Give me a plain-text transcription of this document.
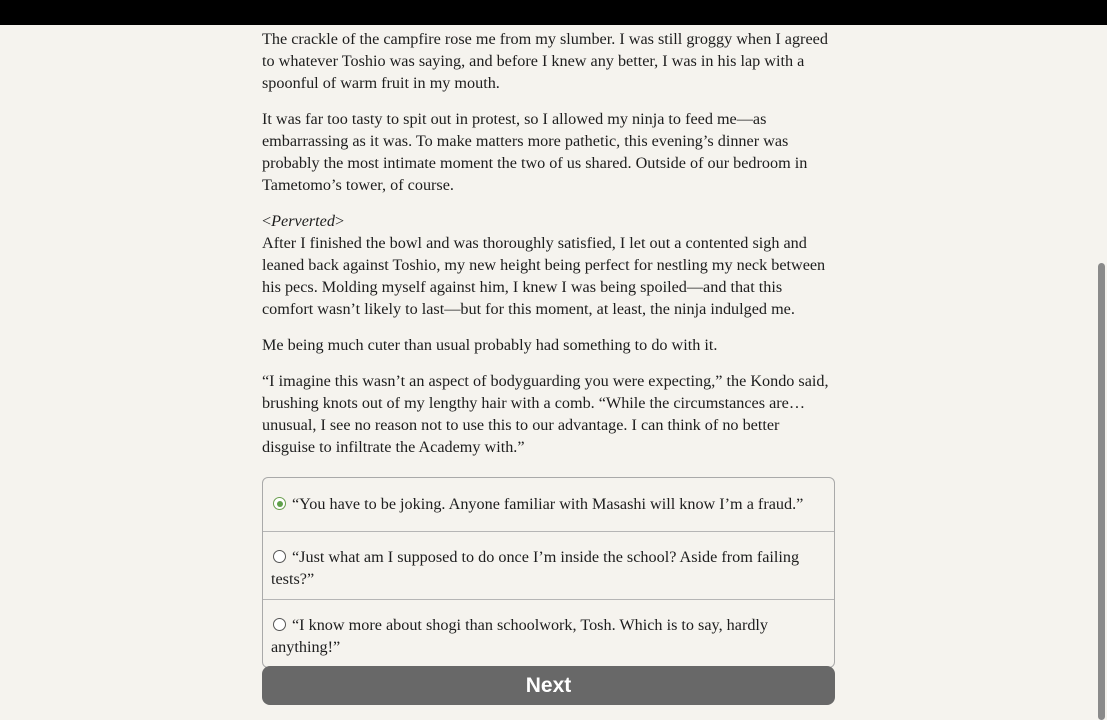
The crackle of the campfire rose me from my slumber. I was still groggy when I agreed to whatever Toshio was saying, and before I knew any better, I was in his lap with a spoonful of warm fruit in my mouth.

It was far too tasty to spit out in protest, so I allowed my ninja to feed me—as embarrassing as it was. To make matters more pathetic, this evening’s dinner was probably the most intimate moment the two of us shared. Outside of our bedroom in Tametomo’s tower, of course.

<Perverted>

After I finished the bowl and was thoroughly satisfied, I let out a contented sigh and leaned back against Toshio, my new height being perfect for nestling my neck between his pecs. Molding myself against him, I knew I was being spoiled—and that this comfort wasn’t likely to last—but for this moment, at least, the ninja indulged me.

Me being much cuter than usual probably had something to do with it.

“I imagine this wasn’t an aspect of bodyguarding you were expecting,” the Kondo said, brushing knots out of my lengthy hair with a comb. “While the circumstances are… unusual, I see no reason not to use this to our advantage. I can think of no better disguise to infiltrate the Academy with.”

“You have to be joking. Anyone familiar with Masashi will know I’m a fraud.”
“Just what am I supposed to do once I’m inside the school? Aside from failing tests?”
“I know more about shogi than schoolwork, Tosh. Which is to say, hardly anything!”
Next
